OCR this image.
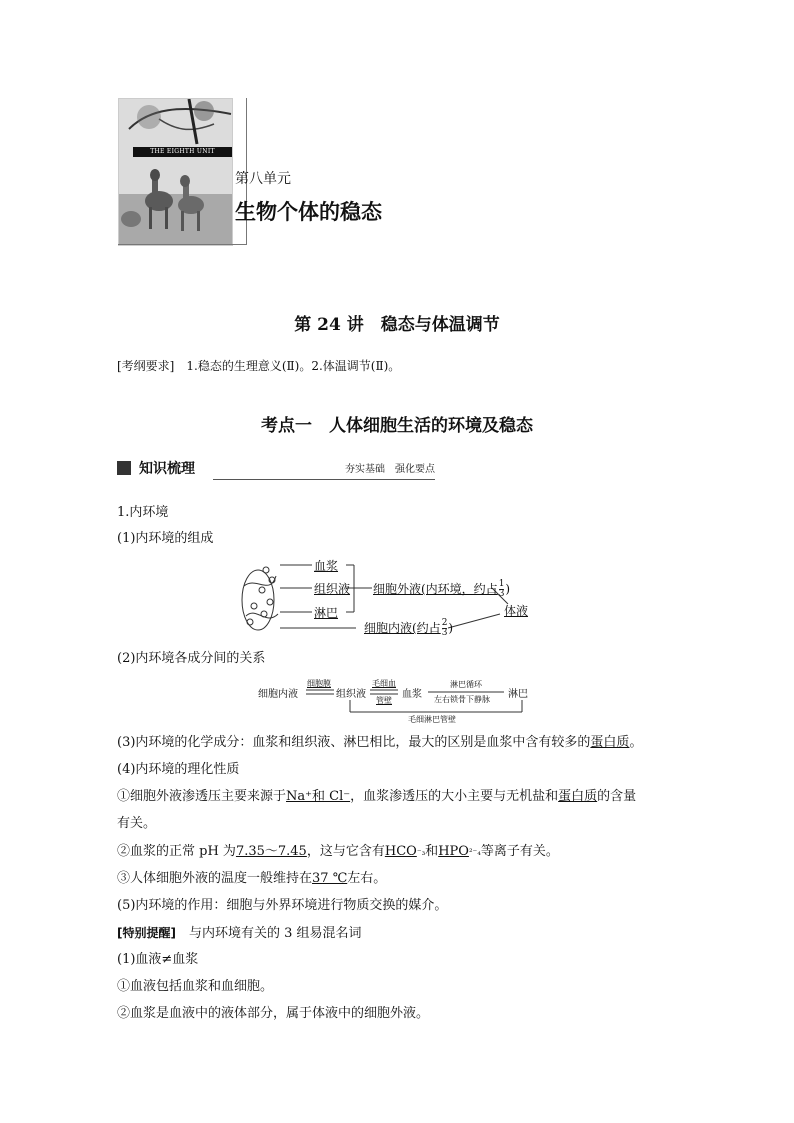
THE EIGHTH UNIT
第八单元
生物个体的稳态
第 24 讲　稳态与体温调节
[考纲要求]　1.稳态的生理意义(Ⅱ)。2.体温调节(Ⅱ)。
考点一　人体细胞生活的环境及稳态
知识梳理	夯实基础　强化要点

1.内环境

(1)内环境的组成

血浆
组织液
淋巴
细胞外液(内环境，约占 $\frac{1}{3}$ )
体液
细胞内液(约占 $\frac{2}{3}$ )

(2)内环境各成分间的关系

细胞内液
细胞膜
组织液
毛细血
管壁
血浆
淋巴循环
左右锁骨下静脉 淋巴
毛细淋巴管壁

(3)内环境的化学成分：血浆和组织液、淋巴相比，最大的区别是血浆中含有较多的蛋白质。

(4)内环境的理化性质

①细胞外液渗透压主要来源于Na⁺和 Cl⁻，血浆渗透压的大小主要与无机盐和蛋白质的含量

有关。

②血浆的正常 pH 为7.35～7.45，这与它含有HCO⁻₃和HPO²⁻₄等离子有关。

③人体细胞外液的温度一般维持在37 ℃左右。

(5)内环境的作用：细胞与外界环境进行物质交换的媒介。

[特别提醒]　 与内环境有关的 3 组易混名词

(1)血液≠血浆

①血液包括血浆和血细胞。

②血浆是血液中的液体部分，属于体液中的细胞外液。
